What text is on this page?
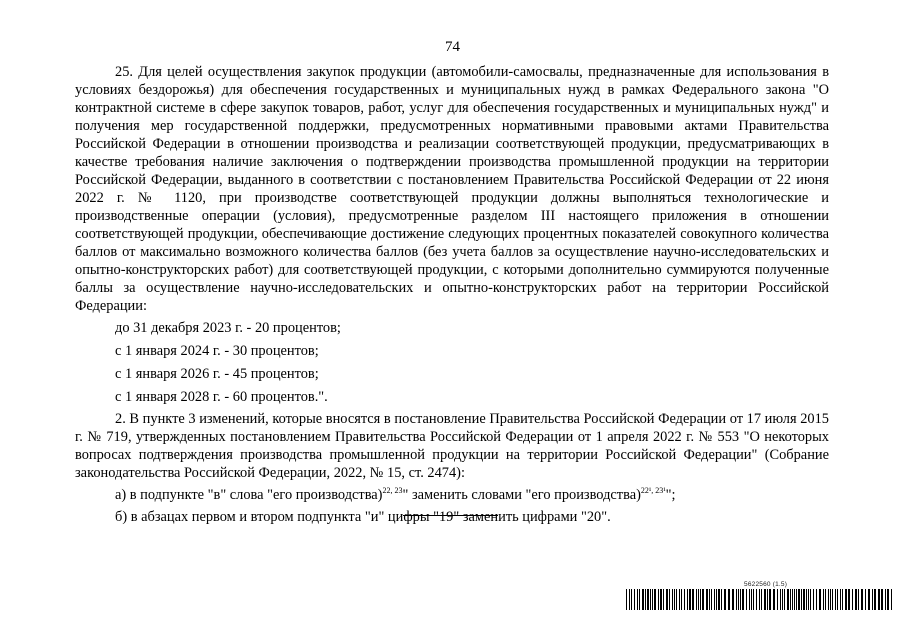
74

25. Для целей осуществления закупок продукции (автомобили-самосвалы, предназначенные для использования в условиях бездорожья) для обеспечения государственных и муниципальных нужд в рамках Федерального закона "О контрактной системе в сфере закупок товаров, работ, услуг для обеспечения государственных и муниципальных нужд" и получения мер государственной поддержки, предусмотренных нормативными правовыми актами Правительства Российской Федерации в отношении производства и реализации соответствующей продукции, предусматривающих в качестве требования наличие заключения о подтверждении производства промышленной продукции на территории Российской Федерации, выданного в соответствии с постановлением Правительства Российской Федерации от 22 июня 2022 г. № 1120, при производстве соответствующей продукции должны выполняться технологические и производственные операции (условия), предусмотренные разделом III настоящего приложения в отношении соответствующей продукции, обеспечивающие достижение следующих процентных показателей совокупного количества баллов от максимально возможного количества баллов (без учета баллов за осуществление научно-исследовательских и опытно-конструкторских работ) для соответствующей продукции, с которыми дополнительно суммируются полученные баллы за осуществление научно-исследовательских и опытно-конструкторских работ на территории Российской Федерации:

до 31 декабря 2023 г. - 20 процентов;
с 1 января 2024 г. - 30 процентов;
с 1 января 2026 г. - 45 процентов;
с 1 января 2028 г. - 60 процентов.".

2. В пункте 3 изменений, которые вносятся в постановление Правительства Российской Федерации от 17 июля 2015 г. № 719, утвержденных постановлением Правительства Российской Федерации от 1 апреля 2022 г. № 553 "О некоторых вопросах подтверждения производства промышленной продукции на территории Российской Федерации" (Собрание законодательства Российской Федерации, 2022, № 15, ст. 2474):

а) в подпункте "в" слова "его производства)$^{22, 23}$" заменить словами "его производства)$^{22^1, 23^1}$";
б) в абзацах первом и втором подпункта "и" цифры "19" заменить цифрами "20".
5622560 (1.5)
